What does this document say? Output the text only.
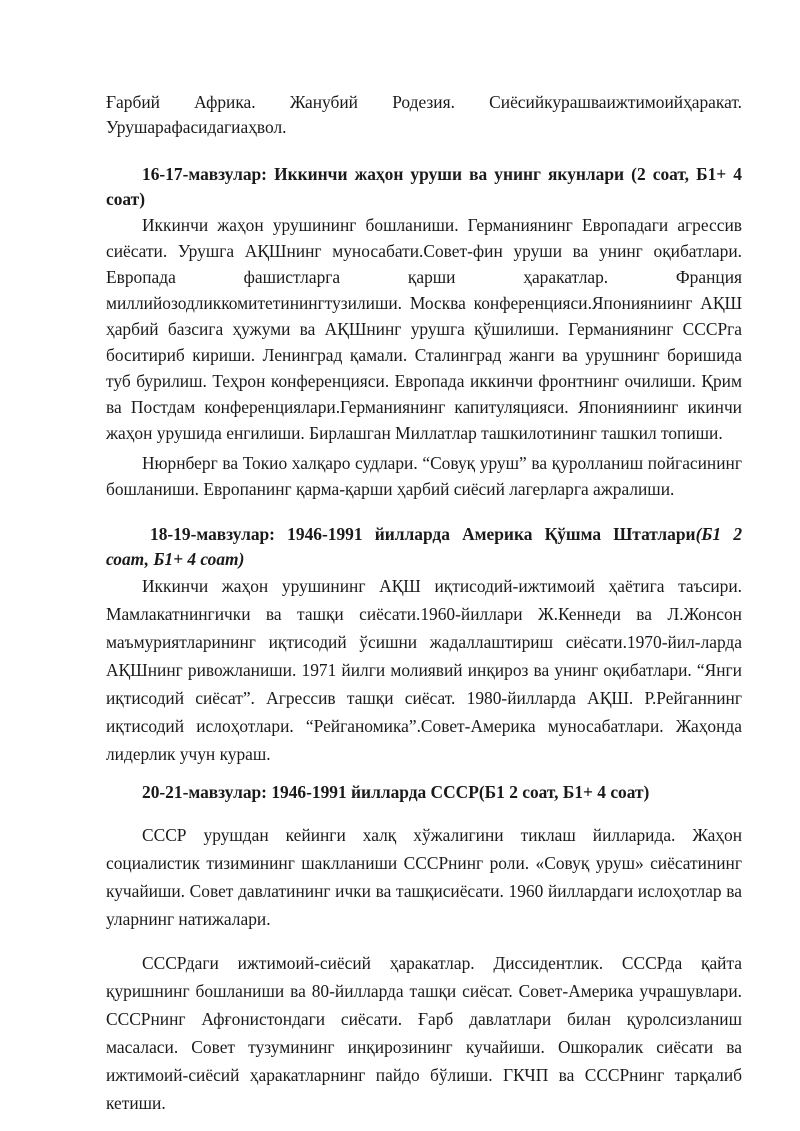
Ғарбий Африка. Жанубий Родезия. Сиёсийкурашваижтимоийҳаракат. Урушарафасидагиаҳвол.

16-17-мавзулар: Иккинчи жаҳон уруши ва унинг якунлари (2 соат, Б1+ 4 соат)

Иккинчи жаҳон урушининг бошланиши. Германиянинг Европадаги агрессив сиёсати. Урушга АҚШнинг муносабати.Совет-фин уруши ва унинг оқибатлари. Европада фашистларга қарши ҳаракатлар. Франция миллийозодликкомитетинингтузилиши. Москва конференцияси.Японияниинг АҚШ ҳарбий базсига ҳужуми ва АҚШнинг урушга қўшилиши. Германиянинг СССРга боситириб кириши. Ленинград қамали. Сталинград жанги ва урушнинг боришида туб бурилиш. Теҳрон конференцияси. Европада иккинчи фронтнинг очилиши. Қрим ва Постдам конференциялари.Германиянинг капитуляцияси. Японияниинг икинчи жаҳон урушида енгилиши. Бирлашган Миллатлар ташкилотининг ташкил топиши.

Нюрнберг ва Токио халқаро судлари. “Совуқ уруш” ва қуролланиш пойгасининг бошланиши. Европанинг қарма-қарши ҳарбий сиёсий лагерларга ажралиши.

18-19-мавзулар: 1946-1991 йилларда Америка Қўшма Штатлари(Б1 2 соат, Б1+ 4 соат)

Иккинчи жаҳон урушининг АҚШ иқтисодий-ижтимоий ҳаётига таъсири. Мамлакатнингички ва ташқи сиёсати.1960-йиллари Ж.Кеннеди ва Л.Жонсон маъмуриятларининг иқтисодий ўсишни жадаллаштириш сиёсати.1970-йил-ларда АҚШнинг ривожланиши. 1971 йилги молиявий инқироз ва унинг оқибатлари. “Янги иқтисодий сиёсат”. Агрессив ташқи сиёсат. 1980-йилларда АҚШ. Р.Рейганнинг иқтисодий ислоҳотлари. “Рейганомика”.Совет-Америка муносабатлари. Жаҳонда лидерлик учун кураш.

20-21-мавзулар: 1946-1991 йилларда СССР(Б1 2 соат, Б1+ 4 соат)

СССР урушдан кейинги халқ хўжалигини тиклаш йилларида. Жаҳон социалистик тизимининг шаклланиши СССРнинг роли. «Совуқ уруш» сиёсатининг кучайиши. Совет давлатининг ички ва ташқисиёсати. 1960 йиллардаги ислоҳотлар ва уларнинг натижалари.

СССРдаги ижтимоий-сиёсий ҳаракатлар. Диссидентлик. СССРда қайта қуришнинг бошланиши ва 80-йилларда ташқи сиёсат. Совет-Америка учрашувлари. СССРнинг Афғонистондаги сиёсати. Ғарб давлатлари билан қуролсизланиш масаласи. Совет тузумининг инқирозининг кучайиши. Ошкоралик сиёсати ва ижтимоий-сиёсий ҳаракатларнинг пайдо бўлиши. ГКЧП ва СССРнинг тарқалиб кетиши.
